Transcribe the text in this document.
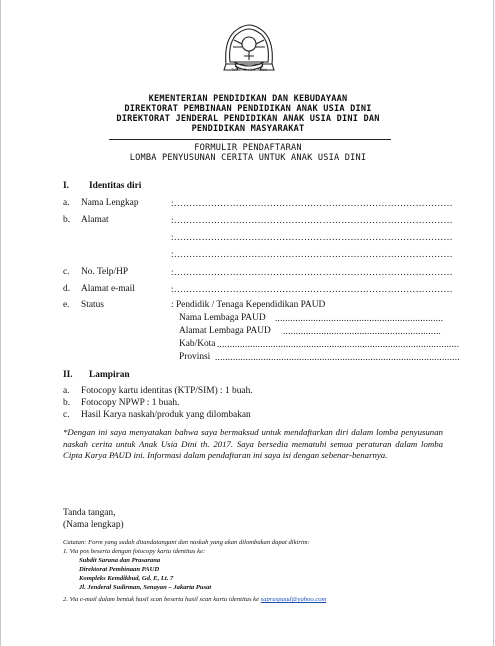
TUT WURI HANDAYANI
KEMENTERIAN PENDIDIKAN DAN KEBUDAYAAN
DIREKTORAT PEMBINAAN PENDIDIKAN ANAK USIA DINI
DIREKTORAT JENDERAL PENDIDIKAN ANAK USIA DINI DAN
PENDIDIKAN MASYARAKAT
FORMULIR PENDAFTARAN
LOMBA PENYUSUNAN CERITA UNTUK ANAK USIA DINI
I. Identitas diri
a. Nama Lengkap	:………………………………………………………………………………
b. Alamat	:………………………………………………………………………………
:………………………………………………………………………………
:………………………………………………………………………………
c. No. Telp/HP	:………………………………………………………………………………
d. Alamat e-mail	:………………………………………………………………………………
e. Status	: Pendidik / Tenaga Kependidikan PAUD
Nama Lembaga PAUD ..................................................................
Alamat Lembaga PAUD ..............................................................
Kab/Kota ...............................................................................................
Provinsi ................................................................................................
II. Lampiran
a. Fotocopy kartu identitas (KTP/SIM) : 1 buah.
b. Fotocopy NPWP : 1 buah.
c. Hasil Karya naskah/produk yang dilombakan
*Dengan ini saya menyatakan bahwa saya bermaksud untuk mendaftarkan diri dalam lomba penyusunan naskah cerita untuk Anak Usia Dini th. 2017. Saya bersedia mematuhi semua peraturan dalam lomba Cipta Karya PAUD ini. Informasi dalam pendaftaran ini saya isi dengan sebenar-benarnya.
Tanda tangan,
(Nama lengkap)
Catatan: Form yang sudah ditandatangani dan naskah yang akan dilombakan dapat dikirim:
1. Via pos beserta dengan fotocopy kartu identitas ke:
Subdit Sarana dan Prasarana
Direktorat Pembinaan PAUD
Kompleks Kemdikbud, Gd. E, Lt. 7
Jl. Jenderal Sudirman, Senayan – Jakarta Pusat
2. Via e-mail dalam bentuk hasil scan beserta hasil scan kartu identitas ke sapraspaud@yahoo.com
